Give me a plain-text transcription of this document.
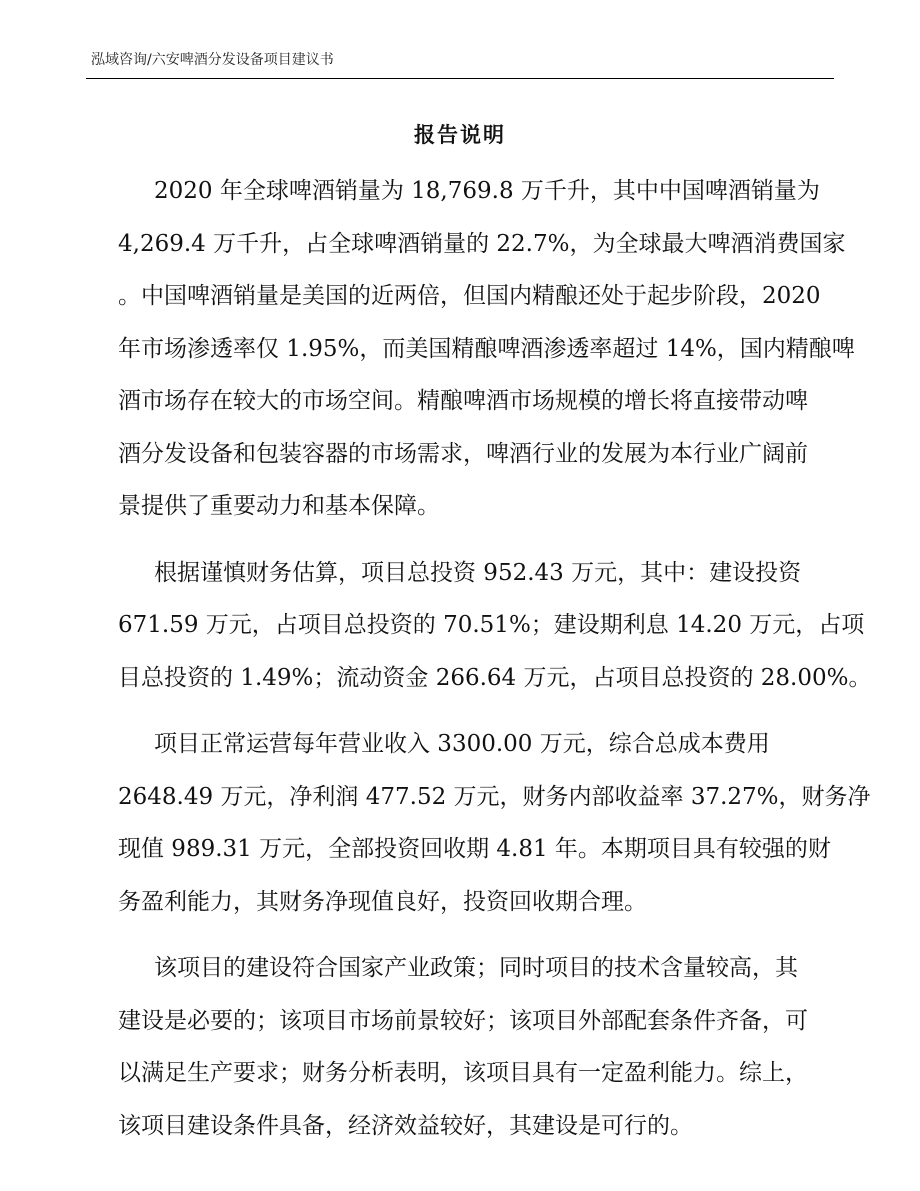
泓域咨询/六安啤酒分发设备项目建议书
报告说明

2020 年全球啤酒销量为 18,769.8 万千升，其中中国啤酒销量为
4,269.4 万千升，占全球啤酒销量的 22.7%，为全球最大啤酒消费国家
。中国啤酒销量是美国的近两倍，但国内精酿还处于起步阶段，2020
年市场渗透率仅 1.95%，而美国精酿啤酒渗透率超过 14%，国内精酿啤
酒市场存在较大的市场空间。精酿啤酒市场规模的增长将直接带动啤
酒分发设备和包装容器的市场需求，啤酒行业的发展为本行业广阔前
景提供了重要动力和基本保障。

根据谨慎财务估算，项目总投资 952.43 万元，其中：建设投资
671.59 万元，占项目总投资的 70.51%；建设期利息 14.20 万元，占项
目总投资的 1.49%；流动资金 266.64 万元，占项目总投资的 28.00%。

项目正常运营每年营业收入 3300.00 万元，综合总成本费用
2648.49 万元，净利润 477.52 万元，财务内部收益率 37.27%，财务净
现值 989.31 万元，全部投资回收期 4.81 年。本期项目具有较强的财
务盈利能力，其财务净现值良好，投资回收期合理。

该项目的建设符合国家产业政策；同时项目的技术含量较高，其
建设是必要的；该项目市场前景较好；该项目外部配套条件齐备，可
以满足生产要求；财务分析表明，该项目具有一定盈利能力。综上，
该项目建设条件具备，经济效益较好，其建设是可行的。
